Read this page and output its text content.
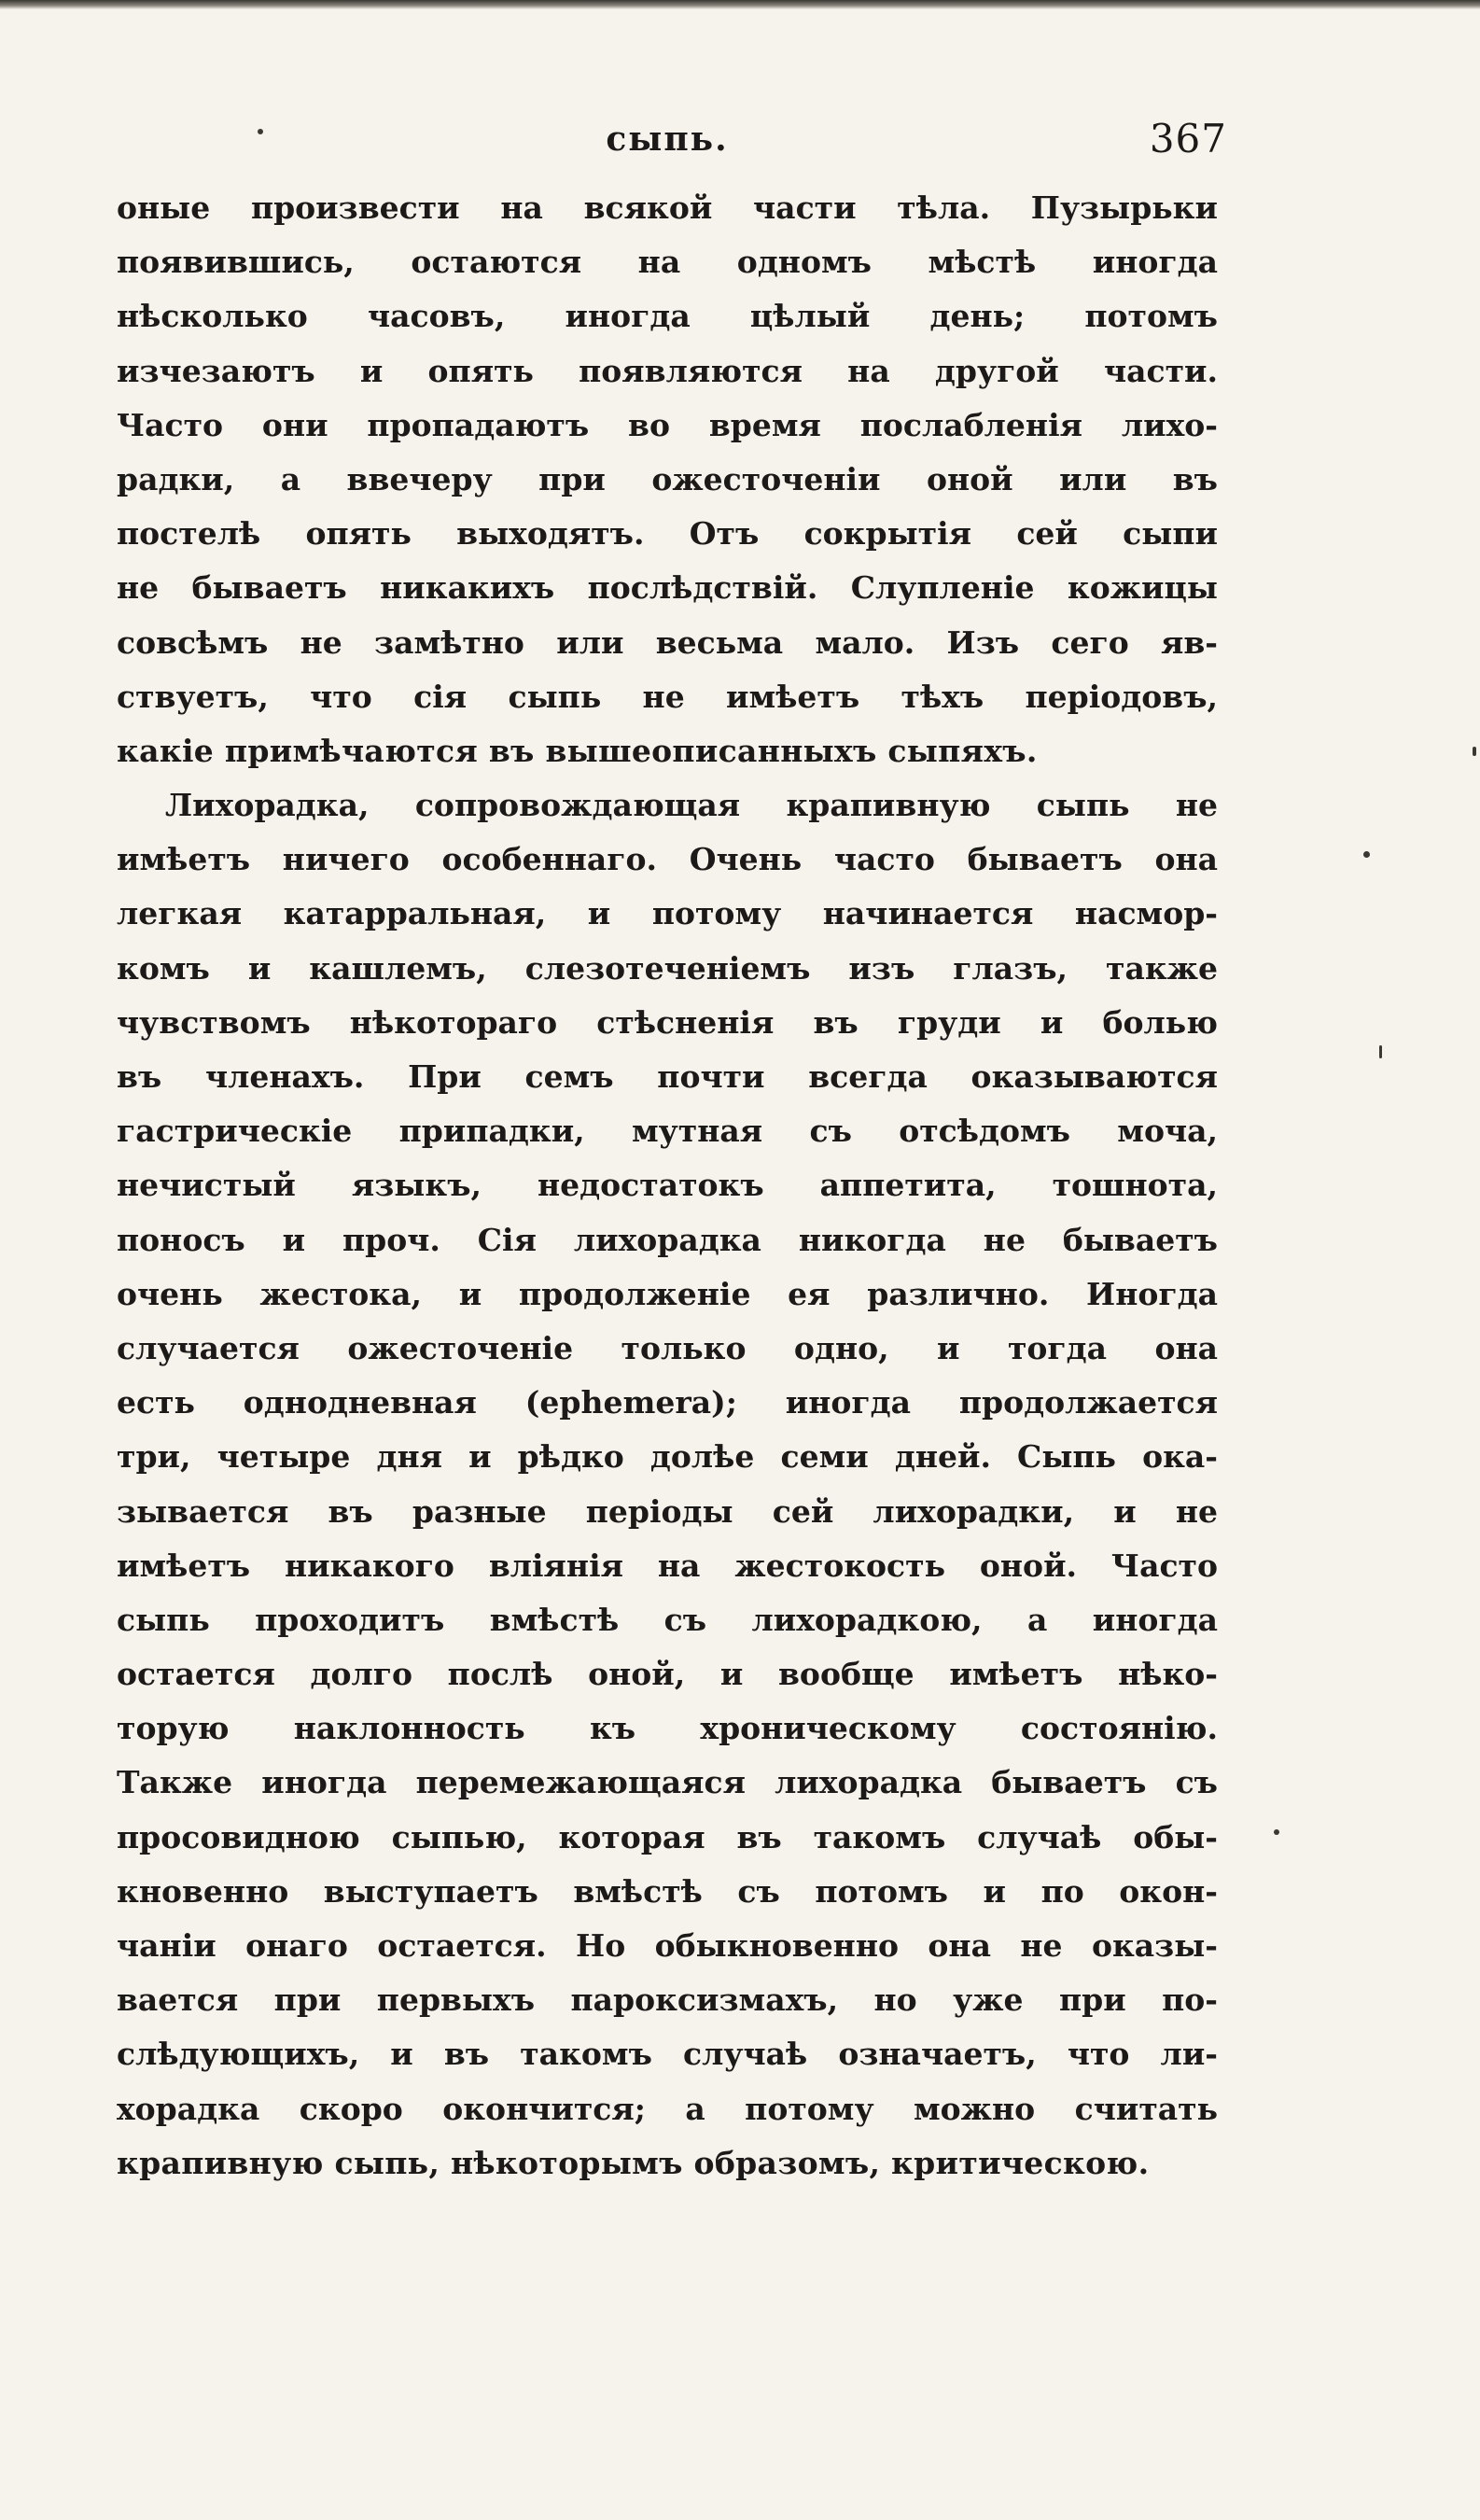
сыпь.	367
оные произвести на всякой части тѣла. Пузырьки
появившись, остаются на одномъ мѣстѣ иногда
нѣсколько часовъ, иногда цѣлый день; потомъ
изчезаютъ и опять появляются на другой части.
Часто они пропадаютъ во время послабленія лихо-
радки, а ввечеру при ожесточеніи оной или въ
постелѣ опять выходятъ. Отъ сокрытія сей сыпи
не бываетъ никакихъ послѣдствій. Слупленіе кожицы
совсѣмъ не замѣтно или весьма мало. Изъ сего яв-
ствуетъ, что сія сыпь не имѣетъ тѣхъ періодовъ,
какіе примѣчаются въ вышеописанныхъ сыпяхъ.
Лихорадка, сопровождающая крапивную сыпь не
имѣетъ ничего особеннаго. Очень часто бываетъ она
легкая катарральная, и потому начинается насмор-
комъ и кашлемъ, слезотеченіемъ изъ глазъ, также
чувствомъ нѣкотораго стѣсненія въ груди и болью
въ членахъ. При семъ почти всегда оказываются
гастрическіе припадки, мутная съ отсѣдомъ моча,
нечистый языкъ, недостатокъ аппетита, тошнота,
поносъ и проч. Сія лихорадка никогда не бываетъ
очень жестока, и продолженіе ея различно. Иногда
случается ожесточеніе только одно, и тогда она
есть однодневная (ephemera); иногда продолжается
три, четыре дня и рѣдко долѣе семи дней. Сыпь ока-
зывается въ разные періоды сей лихорадки, и не
имѣетъ никакого вліянія на жестокость оной. Часто
сыпь проходитъ вмѣстѣ съ лихорадкою, а иногда
остается долго послѣ оной, и вообще имѣетъ нѣко-
торую наклонность къ хроническому состоянію.
Также иногда перемежающаяся лихорадка бываетъ съ
просовидною сыпью, которая въ такомъ случаѣ обы-
кновенно выступаетъ вмѣстѣ съ потомъ и по окон-
чаніи онаго остается. Но обыкновенно она не оказы-
вается при первыхъ пароксизмахъ, но уже при по-
слѣдующихъ, и въ такомъ случаѣ означаетъ, что ли-
хорадка скоро окончится; а потому можно считать
крапивную сыпь, нѣкоторымъ образомъ, критическою.
